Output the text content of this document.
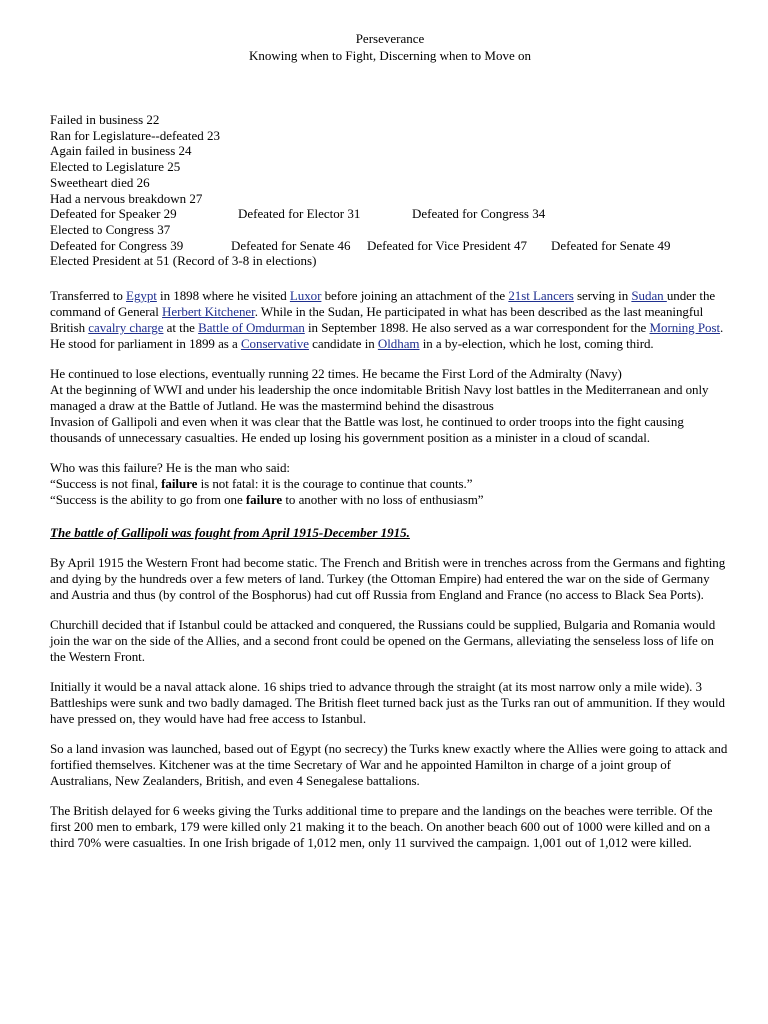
Perseverance
Knowing when to Fight, Discerning when to Move on
Failed in business 22
Ran for Legislature--defeated 23
Again failed in business 24
Elected to Legislature 25
Sweetheart died 26
Had a nervous breakdown 27
Defeated for Speaker 29	Defeated for Elector 31	Defeated for Congress 34
Elected to Congress 37
Defeated for Congress 39	Defeated for Senate 46 Defeated for Vice President 47 Defeated for Senate 49
Elected President at 51 (Record of 3-8 in elections)

Transferred to Egypt in 1898 where he visited Luxor before joining an attachment of the 21st Lancers serving in Sudan under the command of General Herbert Kitchener. While in the Sudan, He participated in what has been described as the last meaningful British cavalry charge at the Battle of Omdurman in September 1898. He also served as a war correspondent for the Morning Post. He stood for parliament in 1899 as a Conservative candidate in Oldham in a by-election, which he lost, coming third.

He continued to lose elections, eventually running 22 times. He became the First Lord of the Admiralty (Navy)
At the beginning of WWI and under his leadership the once indomitable British Navy lost battles in the Mediterranean and only managed a draw at the Battle of Jutland. He was the mastermind behind the disastrous
Invasion of Gallipoli and even when it was clear that the Battle was lost, he continued to order troops into the fight causing thousands of unnecessary casualties. He ended up losing his government position as a minister in a cloud of scandal.
Who was this failure? He is the man who said:
“Success is not final, failure is not fatal: it is the courage to continue that counts.”
“Success is the ability to go from one failure to another with no loss of enthusiasm”
The battle of Gallipoli was fought from April 1915-December 1915.

By April 1915 the Western Front had become static. The French and British were in trenches across from the Germans and fighting and dying by the hundreds over a few meters of land. Turkey (the Ottoman Empire) had entered the war on the side of Germany and Austria and thus (by control of the Bosphorus) had cut off Russia from England and France (no access to Black Sea Ports).

Churchill decided that if Istanbul could be attacked and conquered, the Russians could be supplied, Bulgaria and Romania would join the war on the side of the Allies, and a second front could be opened on the Germans, alleviating the senseless loss of life on the Western Front.

Initially it would be a naval attack alone. 16 ships tried to advance through the straight (at its most narrow only a mile wide). 3 Battleships were sunk and two badly damaged. The British fleet turned back just as the Turks ran out of ammunition. If they would have pressed on, they would have had free access to Istanbul.

So a land invasion was launched, based out of Egypt (no secrecy) the Turks knew exactly where the Allies were going to attack and fortified themselves. Kitchener was at the time Secretary of War and he appointed Hamilton in charge of a joint group of Australians, New Zealanders, British, and even 4 Senegalese battalions.

The British delayed for 6 weeks giving the Turks additional time to prepare and the landings on the beaches were terrible. Of the first 200 men to embark, 179 were killed only 21 making it to the beach. On another beach 600 out of 1000 were killed and on a third 70% were casualties. In one Irish brigade of 1,012 men, only 11 survived the campaign. 1,001 out of 1,012 were killed.
